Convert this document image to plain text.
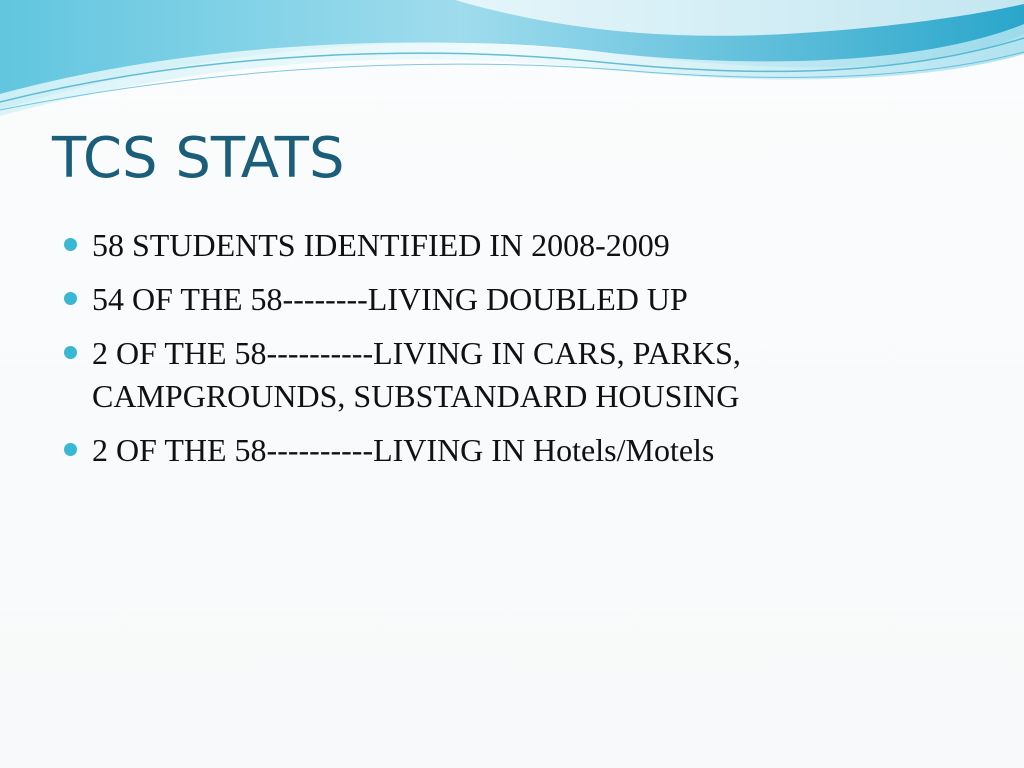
TCS STATS
58 STUDENTS IDENTIFIED IN 2008-2009
54 OF THE 58--------LIVING DOUBLED UP
2 OF THE 58----------LIVING IN CARS, PARKS, CAMPGROUNDS, SUBSTANDARD HOUSING
2 OF THE 58----------LIVING IN Hotels/Motels
